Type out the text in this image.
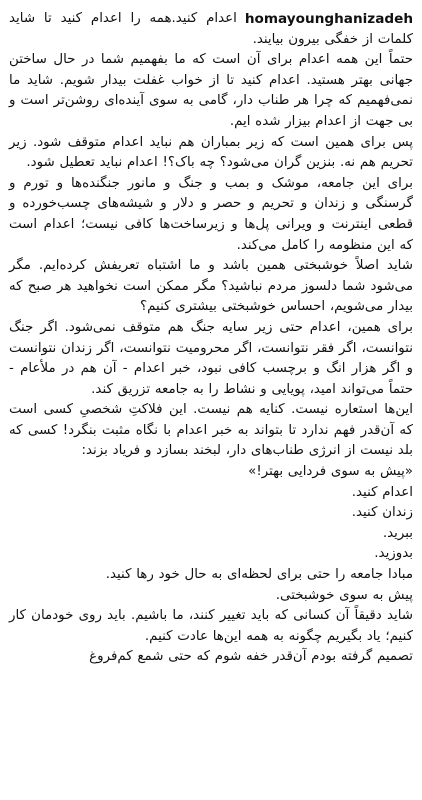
homayounghanizadeh
اعدام کنید.همه را اعدام کنید تا شاید کلمات از خفگی بیرون بیایند.

حتماً این همه اعدام برای آن است که ما بفهمیم شما در حال ساختن جهانی بهتر هستید. اعدام کنید تا از خواب غفلت بیدار شویم. شاید ما نمی‌فهمیم که چرا هر طناب دار، گامی به سوی آینده‌ای روشن‌تر است و بی جهت از اعدام بیزار شده ایم.

پس برای همین است که زیر بمباران هم نباید اعدام متوقف شود. زیر تحریم هم نه. بنزین گران می‌شود؟ چه باک؟! اعدام نباید تعطیل شود.

برای این جامعه، موشک و بمب و جنگ و مانور جنگنده‌ها و تورم و گرسنگی و زندان و تحریم و حصر و دلار و شیشه‌های چسب‌خورده و قطعی اینترنت و ویرانی پل‌ها و زیرساخت‌ها کافی نیست؛ اعدام است که این منظومه را کامل می‌کند.

شاید اصلاً خوشبختی همین باشد و ما اشتباه تعریفش کرده‌ایم. مگر می‌شود شما دلسوز مردم نباشید؟ مگر ممکن است نخواهید هر صبح که بیدار می‌شویم، احساس خوشبختی بیشتری کنیم؟

برای همین، اعدام حتی زیر سایه جنگ هم متوقف نمی‌شود. اگر جنگ نتوانست، اگر فقر نتوانست، اگر محرومیت نتوانست، اگر زندان نتوانست و اگر هزار انگ و برچسب کافی نبود، خبر اعدام - آن هم در ملأعام - حتماً می‌تواند امید، پویایی و نشاط را به جامعه تزریق کند.

این‌ها استعاره نیست. کنایه هم نیست. این فلاکتِ شخصیِ کسی است که آن‌قدر فهم ندارد تا بتواند به خبر اعدام با نگاه مثبت بنگرد! کسی که بلد نیست از انرژی طناب‌های دار، لبخند بسازد و فریاد بزند:

«پیش به سوی فردایی بهتر!»

اعدام کنید.

زندان کنید.

ببرید.

بدوزید.

مبادا جامعه را حتی برای لحظه‌ای به حال خود رها کنید.

پیش به سوی خوشبختی.

شاید دقیقاً آن کسانی که باید تغییر کنند، ما باشیم. باید روی خودمان کار کنیم؛ یاد بگیریم چگونه به همه این‌ها عادت کنیم.

تصمیم گرفته بودم آن‌قدر خفه شوم که حتی شمع کم‌فروغ
